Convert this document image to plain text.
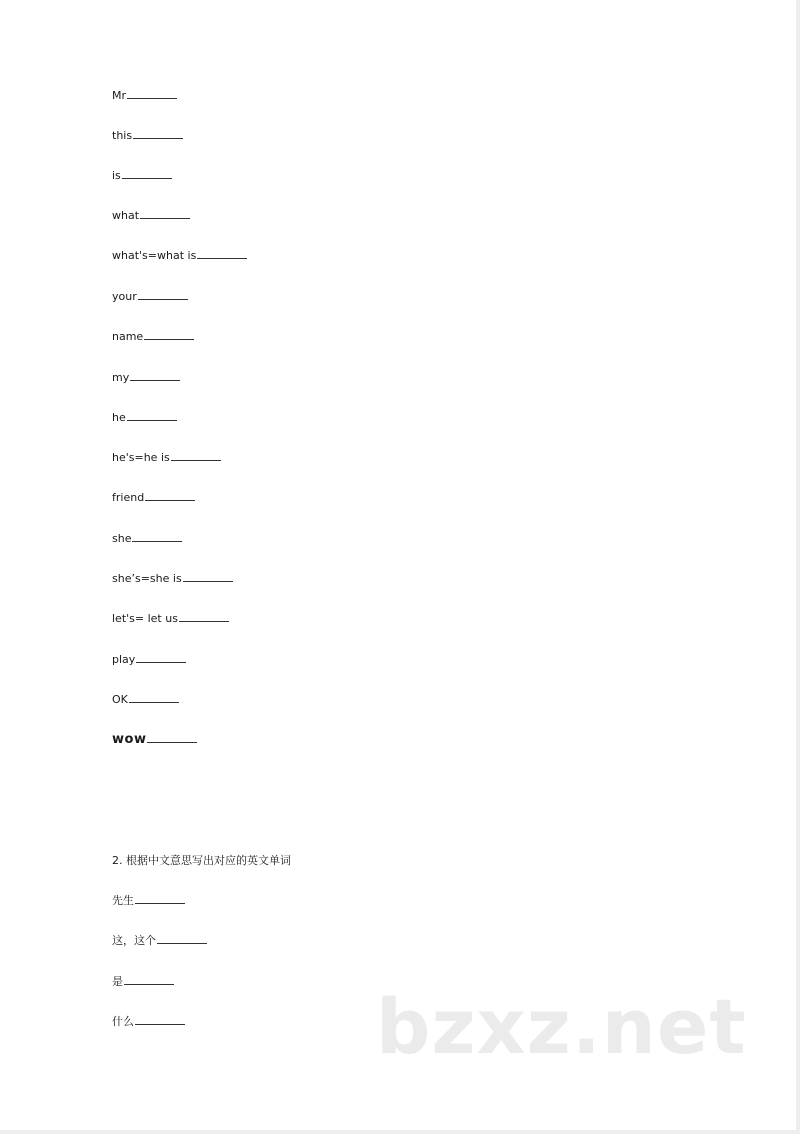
Mr
this
is
what
what's=what is
your
name
my
he
he's=he is
friend
she
she’s=she is
let's= let us
play
OK
wow
2. 根据中文意思写出对应的英文单词
先生
这，这个
是
什么	bzxz.net
